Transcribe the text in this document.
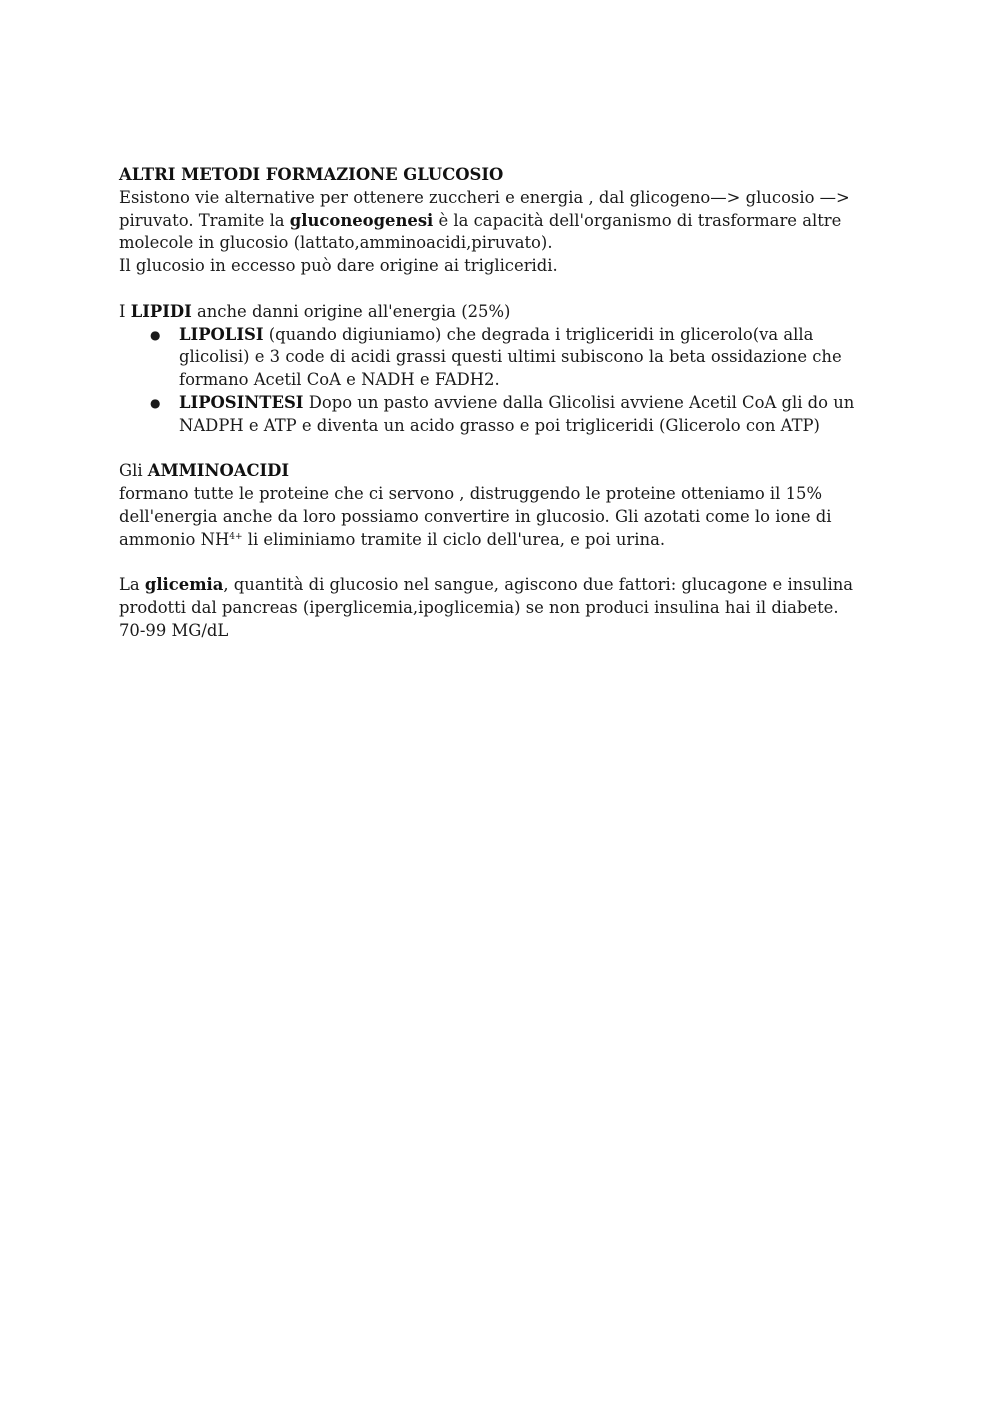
ALTRI METODI FORMAZIONE GLUCOSIO

Esistono vie alternative per ottenere zuccheri e energia , dal glicogeno—> glucosio —> piruvato. Tramite la gluconeogenesi è la capacità dell'organismo di trasformare altre molecole in glucosio (lattato,amminoacidi,piruvato).

Il glucosio in eccesso può dare origine ai trigliceridi.

I LIPIDI anche danni origine all'energia (25%)

● LIPOLISI (quando digiuniamo) che degrada i trigliceridi in glicerolo(va alla glicolisi) e 3 code di acidi grassi questi ultimi subiscono la beta ossidazione che formano Acetil CoA e NADH e FADH2.
● LIPOSINTESI Dopo un pasto avviene dalla Glicolisi avviene Acetil CoA gli do un NADPH e ATP e diventa un acido grasso e poi trigliceridi (Glicerolo con ATP)

Gli AMMINOACIDI

formano tutte le proteine che ci servono , distruggendo le proteine otteniamo il 15% dell'energia anche da loro possiamo convertire in glucosio. Gli azotati come lo ione di ammonio $NH^{4+}$ li eliminiamo tramite il ciclo dell'urea, e poi urina.

La glicemia, quantità di glucosio nel sangue, agiscono due fattori: glucagone e insulina prodotti dal pancreas (iperglicemia,ipoglicemia) se non produci insulina hai il diabete.

70-99 MG/dL
